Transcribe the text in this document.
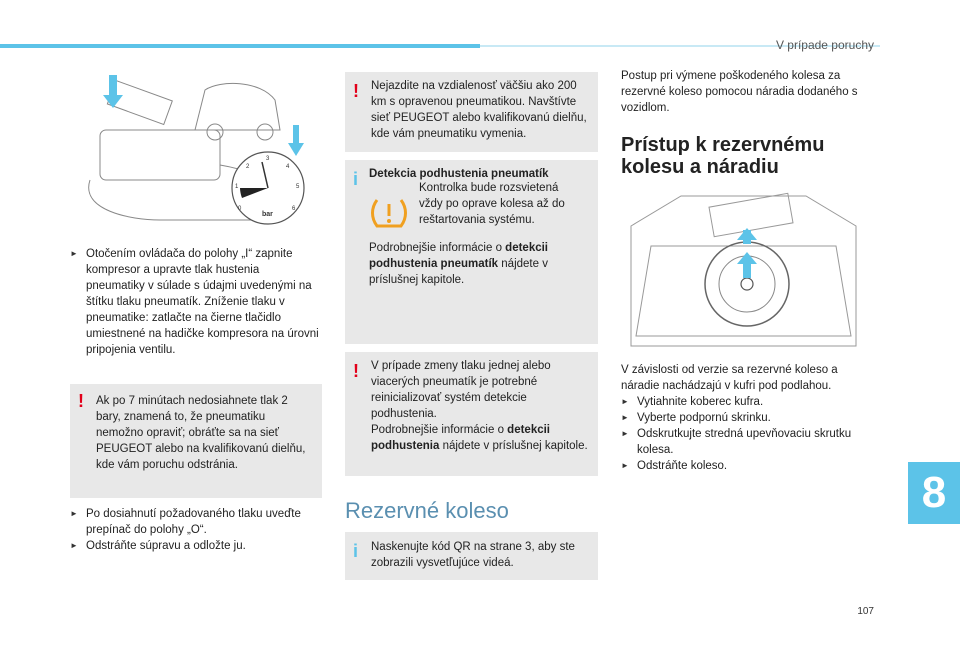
V prípade poruchy
0
1
2
3
4
5
6
bar
► Otočením ovládača do polohy „I“ zapnite kompresor a upravte tlak hustenia pneumatiky v súlade s údajmi uvedenými na štítku tlaku pneumatík. Zníženie tlaku v pneumatike: zatlačte na čierne tlačidlo umiestnené na hadičke kompresora na úrovni pripojenia ventilu.
! Ak po 7 minútach nedosiahnete tlak 2 bary, znamená to, že pneumatiku nemožno opraviť; obráťte sa na sieť PEUGEOT alebo na kvalifikovanú dielňu, kde vám poruchu odstránia.
► Po dosiahnutí požadovaného tlaku uveďte prepínač do polohy „O“.
► Odstráňte súpravu a odložte ju.
! Nejazdite na vzdialenosť väčšiu ako 200 km s opravenou pneumatikou. Navštívte sieť PEUGEOT alebo kvalifikovanú dielňu, kde vám pneumatiku vymenia.
i Detekcia podhustenia pneumatík
Kontrolka bude rozsvietená vždy po oprave kolesa až do reštartovania systému.
Podrobnejšie informácie o detekcii podhustenia pneumatík nájdete v príslušnej kapitole.
! V prípade zmeny tlaku jednej alebo viacerých pneumatík je potrebné reinicializovať systém detekcie podhustenia.
Podrobnejšie informácie o detekcii podhustenia nájdete v príslušnej kapitole.
Rezervné koleso
i Naskenujte kód QR na strane 3, aby ste zobrazili vysvetľujúce videá.
Postup pri výmene poškodeného kolesa za rezervné koleso pomocou náradia dodaného s vozidlom.
Prístup k rezervnému kolesu a náradiu
V závislosti od verzie sa rezervné koleso a náradie nachádzajú v kufri pod podlahou.
► Vytiahnite koberec kufra.
► Vyberte podpornú skrinku.
► Odskrutkujte stredná upevňovaciu skrutku kolesa.
► Odstráňte koleso.
8
107
